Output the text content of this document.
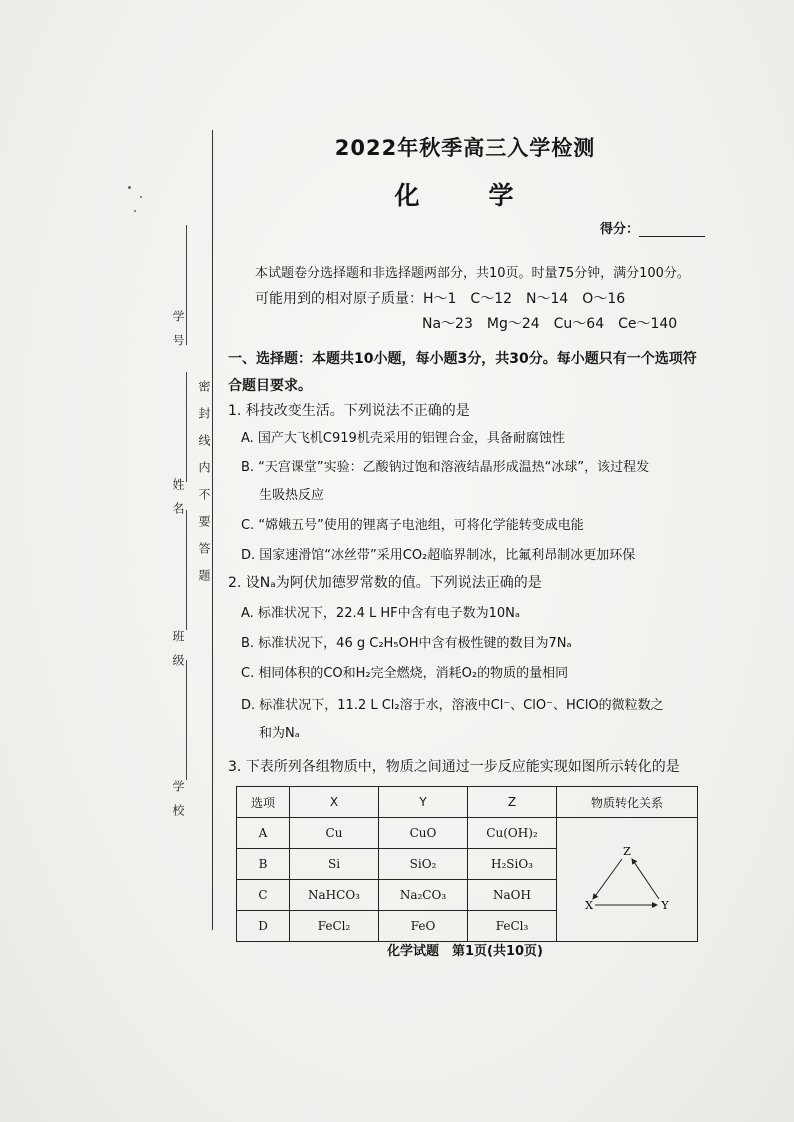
学　号
姓　名
班　级
学　校
密封线内不要答题
2022年秋季高三入学检测
化　学
得分：
本试题卷分选择题和非选择题两部分，共10页。时量75分钟，满分100分。
可能用到的相对原子质量：H～1　C～12　N～14　O～16
Na～23　Mg～24　Cu～64　Ce～140
一、选择题：本题共10小题，每小题3分，共30分。每小题只有一个选项符合题目要求。
1. 科技改变生活。下列说法不正确的是
A. 国产大飞机C919机壳采用的铝锂合金，具备耐腐蚀性
B. “天宫课堂”实验：乙酸钠过饱和溶液结晶形成温热“冰球”，该过程发
生吸热反应
C. “嫦娥五号”使用的锂离子电池组，可将化学能转变成电能
D. 国家速滑馆“冰丝带”采用CO₂超临界制冰，比氟利昂制冰更加环保
2. 设Nₐ为阿伏加德罗常数的值。下列说法正确的是
A. 标准状况下，22.4 L HF中含有电子数为10Nₐ
B. 标准状况下，46 g C₂H₅OH中含有极性键的数目为7Nₐ
C. 相同体积的CO和H₂完全燃烧，消耗O₂的物质的量相同
D. 标准状况下，11.2 L Cl₂溶于水，溶液中Cl⁻、ClO⁻、HClO的微粒数之
和为Nₐ
3. 下表所列各组物质中，物质之间通过一步反应能实现如图所示转化的是
选项	X	Y	Z	物质转化关系
A	Cu	CuO	Cu(OH)₂	Z
X Y

B	Si	SiO₂	H₂SiO₃	
C	NaHCO₃	Na₂CO₃	NaOH	
D	FeCl₂	FeO	FeCl₃	
化学试题　第1页(共10页)
